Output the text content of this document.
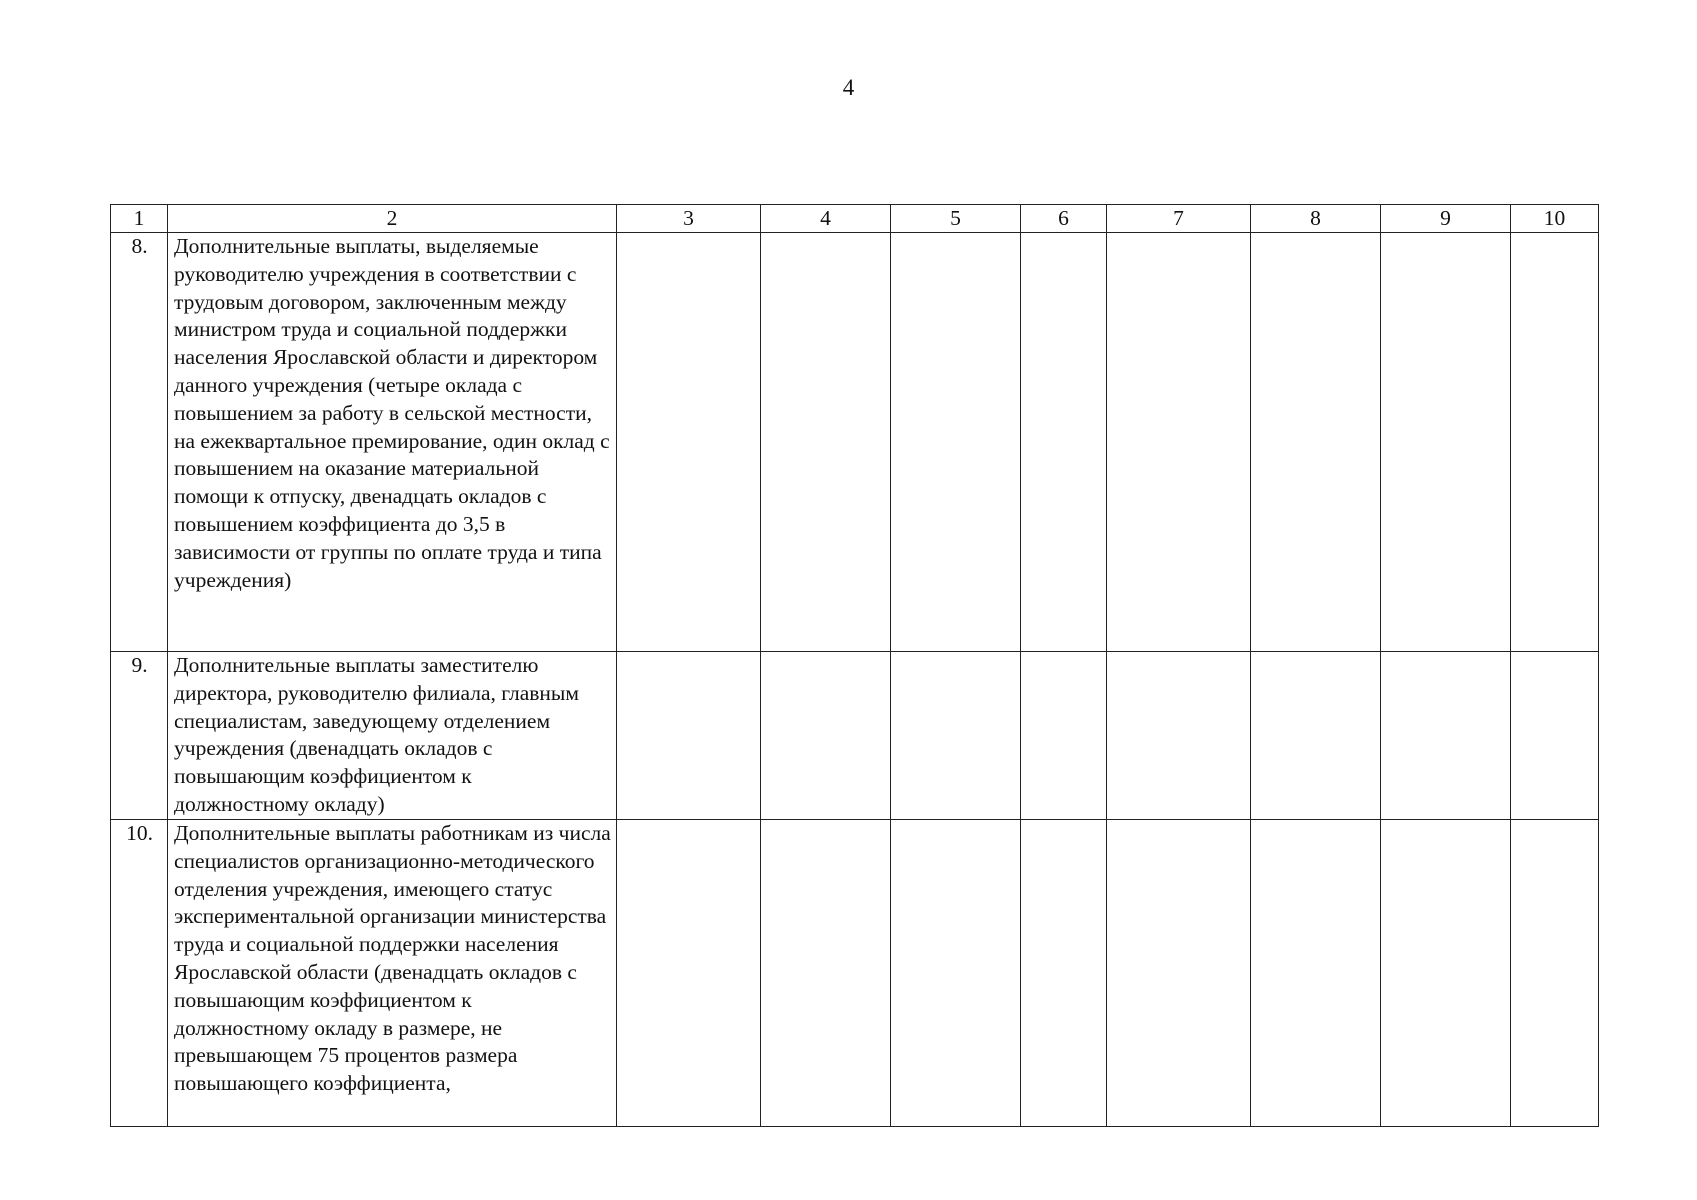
4
1	2	3	4	5	6	7	8	9	10
8.	Дополнительные выплаты, выделяемые руководителю учреждения в соответствии с трудовым договором, заключенным между министром труда и социальной поддержки населения Ярославской области и директором данного учреждения (четыре оклада с повышением за работу в сельской местности, на ежеквартальное премирование, один оклад с повышением на оказание материальной помощи к отпуску, двенадцать окладов с повышением коэффициента до 3,5 в зависимости от группы по оплате труда и типа учреждения)								
9.	Дополнительные выплаты заместителю директора, руководителю филиала, главным специалистам, заведующему отделением учреждения (двенадцать окладов с повышающим коэффициентом к должностному окладу)								
10.	Дополнительные выплаты работникам из числа специалистов организационно-методического отделения учреждения, имеющего статус экспериментальной организации министерства труда и социальной поддержки населения Ярославской области (двенадцать окладов с повышающим коэффициентом к должностному окладу в размере, не превышающем 75 процентов размера повышающего коэффициента,								
